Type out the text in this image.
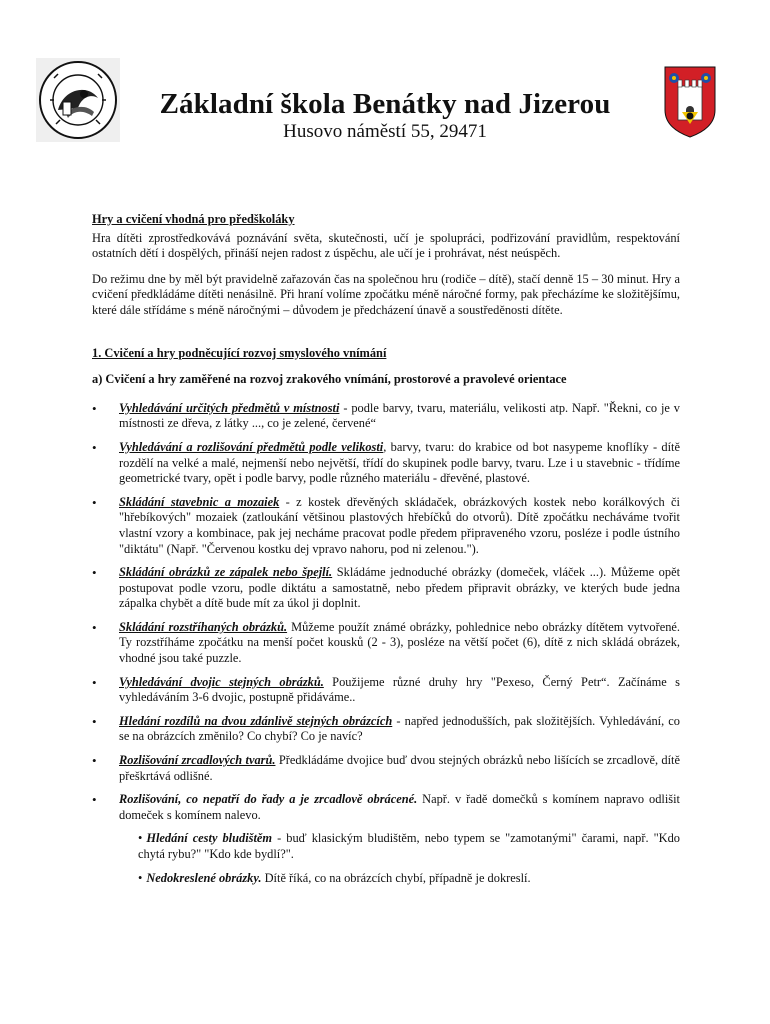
Základní škola Benátky nad Jizerou
Husovo náměstí 55, 29471
Hry a cvičení vhodná pro předškoláky

Hra dítěti zprostředkovává poznávání světa, skutečnosti, učí je spolupráci, podřizování pravidlům, respektování ostatních dětí i dospělých, přináší nejen radost z úspěchu, ale učí je i prohrávat, nést neúspěch.

Do režimu dne by měl být pravidelně zařazován čas na společnou hru (rodiče – dítě), stačí denně 15 – 30 minut. Hry a cvičení předkládáme dítěti nenásilně. Při hraní volíme zpočátku méně náročné formy, pak přecházíme ke složitějšímu, které dále střídáme s méně náročnými – důvodem je předcházení únavě a soustředěnosti dítěte.

1. Cvičení a hry podněcující rozvoj smyslového vnímání
a) Cvičení a hry zaměřené na rozvoj zrakového vnímání, prostorové a pravolevé orientace
• Vyhledávání určitých předmětů v místnosti - podle barvy, tvaru, materiálu, velikosti atp. Např. "Řekni, co je v místnosti ze dřeva, z látky ..., co je zelené, červené“
• Vyhledávání a rozlišování předmětů podle velikosti, barvy, tvaru: do krabice od bot nasypeme knoflíky - dítě rozdělí na velké a malé, nejmenší nebo největší, třídí do skupinek podle barvy, tvaru. Lze i u stavebnic - třídíme geometrické tvary, opět i podle barvy, podle různého materiálu - dřevěné, plastové.
• Skládání stavebnic a mozaiek - z kostek dřevěných skládaček, obrázkových kostek nebo korálkových či "hřebíkových" mozaiek (zatloukání většinou plastových hřebíčků do otvorů). Dítě zpočátku necháváme tvořit vlastní vzory a kombinace, pak jej necháme pracovat podle předem připraveného vzoru, posléze i podle ústního "diktátu" (Např. "Červenou kostku dej vpravo nahoru, pod ni zelenou.").
• Skládání obrázků ze zápalek nebo špejlí. Skládáme jednoduché obrázky (domeček, vláček ...). Můžeme opět postupovat podle vzoru, podle diktátu a samostatně, nebo předem připravit obrázky, ve kterých bude jedna zápalka chybět a dítě bude mít za úkol ji doplnit.
• Skládání rozstříhaných obrázků. Můžeme použít známé obrázky, pohlednice nebo obrázky dítětem vytvořené. Ty rozstříháme zpočátku na menší počet kousků (2 - 3), posléze na větší počet (6), dítě z nich skládá obrázek, vhodné jsou také puzzle.
• Vyhledávání dvojic stejných obrázků. Použijeme různé druhy hry "Pexeso, Černý Petr“. Začínáme s vyhledáváním 3-6 dvojic, postupně přidáváme..
• Hledání rozdílů na dvou zdánlivě stejných obrázcích - napřed jednodušších, pak složitějších. Vyhledávání, co se na obrázcích změnilo? Co chybí? Co je navíc?
• Rozlišování zrcadlových tvarů. Předkládáme dvojice buď dvou stejných obrázků nebo lišících se zrcadlově, dítě přeškrtává odlišné.
• Rozlišování, co nepatří do řady a je zrcadlově obrácené. Např. v řadě domečků s komínem napravo odlišit domeček s komínem nalevo.
• Hledání cesty bludištěm - buď klasickým bludištěm, nebo typem se "zamotanými" čarami, např. "Kdo chytá rybu?" "Kdo kde bydlí?".
• Nedokreslené obrázky. Dítě říká, co na obrázcích chybí, případně je dokreslí.
